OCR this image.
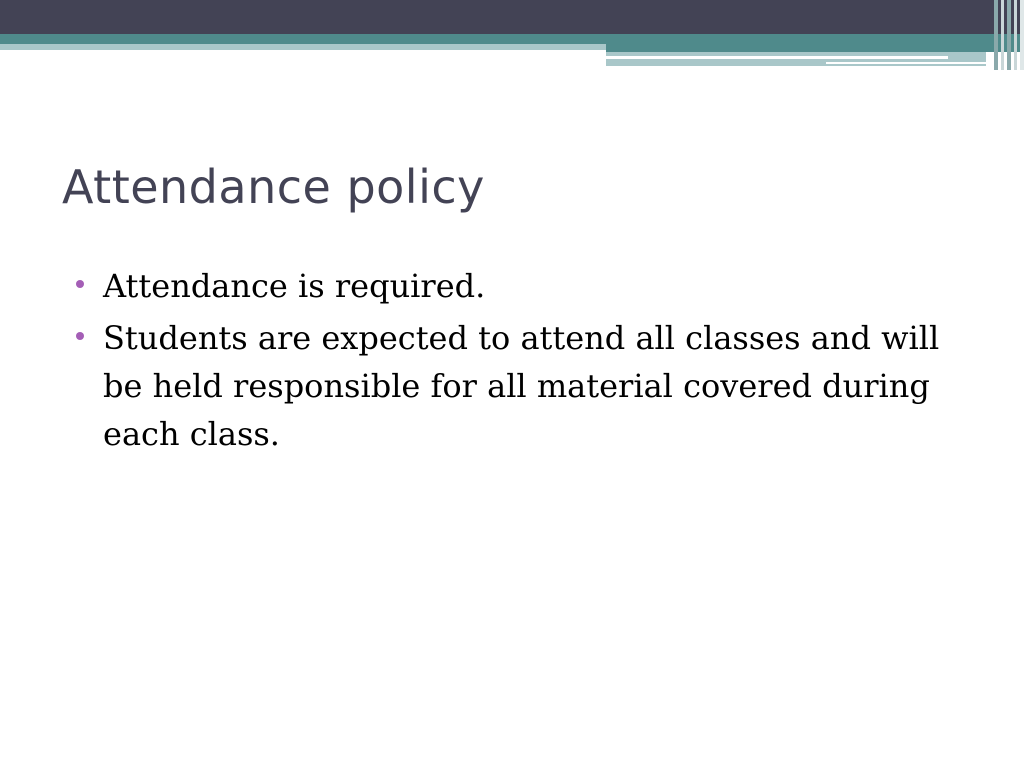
Attendance policy
Attendance is required.
Students are expected to attend all classes and will be held responsible for all material covered during each class.
